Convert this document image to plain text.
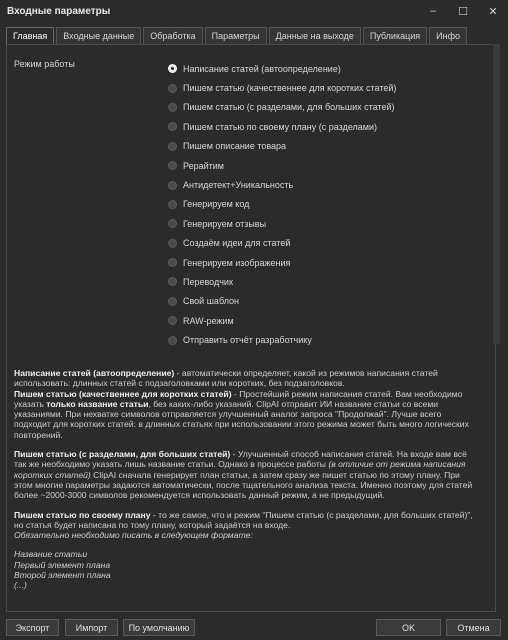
Входные параметры	–	☐	✕
Главная	Входные данные	Обработка	Параметры	Данные на выходе	Публикация	Инфо
Режим работы	Написание статей (автоопределение)
Пишем статью (качественнее для коротких статей)
Пишем статью (с разделами, для больших статей)
Пишем статью по своему плану (с разделами)
Пишем описание товара
Рерайтим
Антидетект+Уникальность
Генерируем код
Генерируем отзывы
Создаём идеи для статей
Генерируем изображения
Переводчик
Свой шаблон
RAW-режим
Отправить отчёт разработчику

Написание статей (автоопределение) - автоматически определяет, какой из режимов написания статей использовать: длинных статей с подзаголовками или коротких, без подзаголовков.
Пишем статью (качественнее для коротких статей) - Простейший режим написания статей. Вам необходимо указать только название статьи, без каких-либо указаний. ClipAI отправит ИИ название статьи со всеми указаниями. При нехватке символов отправляется улучшенный аналог запроса "Продолжай". Лучше всего подходит для коротких статей: в длинных статьях при использовании этого режима может быть много логических повторений.

Пишем статью (с разделами, для больших статей) - Улучшенный способ написания статей. На входе вам всё так же необходимо указать лишь название статьи. Однако в процессе работы (в отличие от режима написания коротких статей) ClipAI сначала генерирует план статьи, а затем сразу же пишет статью по этому плану. При этом многие параметры задаются автоматически, после тщательного анализа текста. Именно поэтому для статей более ~2000-3000 символов рекомендуется использовать данный режим, а не предыдущий.

Пишем статью по своему плану - то же самое, что и режим "Пишем статью (с разделами, для больших статей)", но статья будет написана по тому плану, который задаётся на входе.
Обязательно необходимо писать в следующем формате:

Название статьи
Первый элемент плана
Второй элемент плана
(...)
Экспорт	Импорт	По умолчанию	OK	Отмена
